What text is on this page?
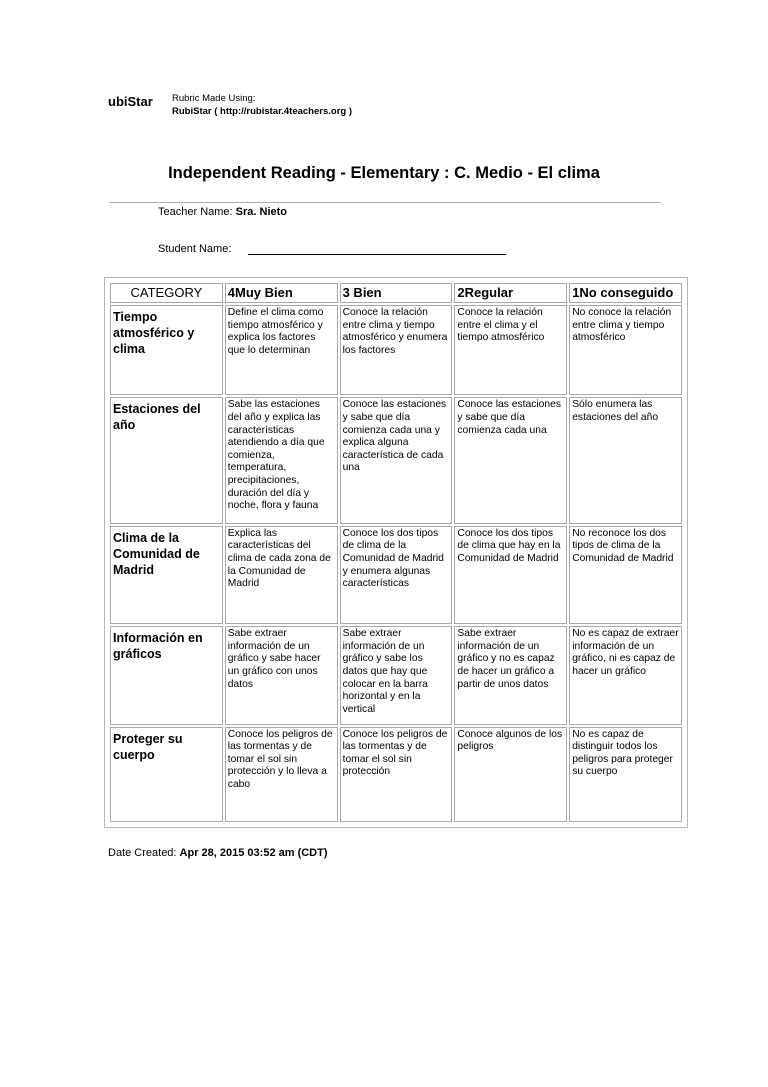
ubiStar Rubric Made Using:
RubiStar ( http://rubistar.4teachers.org )
Independent Reading - Elementary : C. Medio - El clima
Teacher Name: Sra. Nieto
Student Name:
CATEGORY	4Muy Bien	3 Bien	2Regular	1No conseguido
Tiempo atmosférico y clima	Define el clima como tiempo atmosférico y explica los factores que lo determinan	Conoce la relación entre clima y tiempo atmosférico y enumera los factores	Conoce la relación entre el clima y el tiempo atmosférico	No conoce la relación entre clima y tiempo atmosférico
Estaciones del año	Sabe las estaciones del año y explica las características atendiendo a día que comienza, temperatura, precipitaciones, duración del día y noche, flora y fauna	Conoce las estaciones y sabe que día comienza cada una y explica alguna característica de cada una	Conoce las estaciones y sabe que día comienza cada una	Sólo enumera las estaciones del año
Clima de la Comunidad de Madrid	Explica las características del clima de cada zona de la Comunidad de Madrid	Conoce los dos tipos de clima de la Comunidad de Madrid y enumera algunas características	Conoce los dos tipos de clima que hay en la Comunidad de Madrid	No reconoce los dos tipos de clima de la Comunidad de Madrid
Información en gráficos	Sabe extraer información de un gráfico y sabe hacer un gráfico con unos datos	Sabe extraer información de un gráfico y sabe los datos que hay que colocar en la barra horizontal y en la vertical	Sabe extraer información de un gráfico y no es capaz de hacer un gráfico a partir de unos datos	No es capaz de extraer información de un gráfico, ni es capaz de hacer un gráfico
Proteger su cuerpo	Conoce los peligros de las tormentas y de tomar el sol sin protección y lo lleva a cabo	Conoce los peligros de las tormentas y de tomar el sol sin protección	Conoce algunos de los peligros	No es capaz de distinguir todos los peligros para proteger su cuerpo
Date Created: Apr 28, 2015 03:52 am (CDT)
